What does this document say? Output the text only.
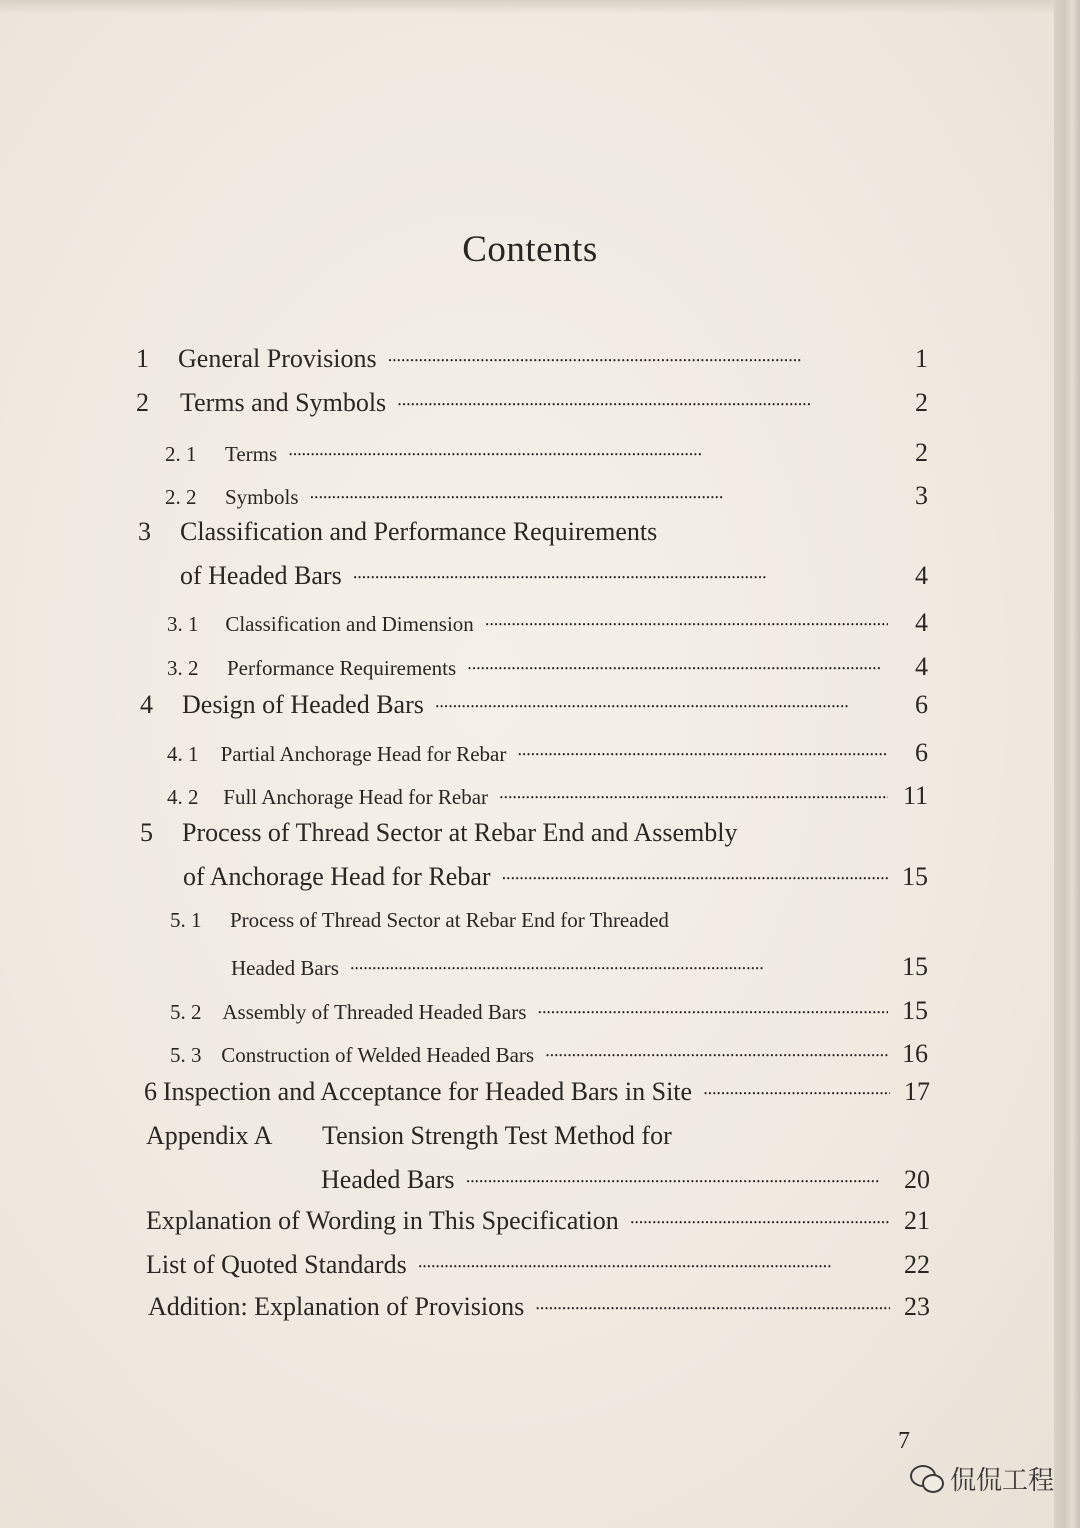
Contents
1	General Provisions •••••	1
2	Terms and Symbols •••••	2
2. 1	Terms •••••	2
2. 2	Symbols •••••	3
3	Classification and Performance Requirements
of Headed Bars •••••	4
3. 1	Classification and Dimension •••••	4
3. 2	Performance Requirements •••••	4
4	Design of Headed Bars •••••	6
4. 1	Partial Anchorage Head for Rebar •••••	6
4. 2	Full Anchorage Head for Rebar •••••	11
5	Process of Thread Sector at Rebar End and Assembly
of Anchorage Head for Rebar •••••	15
5. 1	Process of Thread Sector at Rebar End for Threaded
Headed Bars •••••	15
5. 2 Assembly of Threaded Headed Bars •••••	15
5. 3 Construction of Welded Headed Bars •••••	16
6 Inspection and Acceptance for Headed Bars in Site •••••	17
Appendix A	Tension Strength Test Method for
Headed Bars •••••	20
Explanation of Wording in This Specification •••••	21
List of Quoted Standards •••••	22
Addition: Explanation of Provisions •••••	23
7
侃侃工程
